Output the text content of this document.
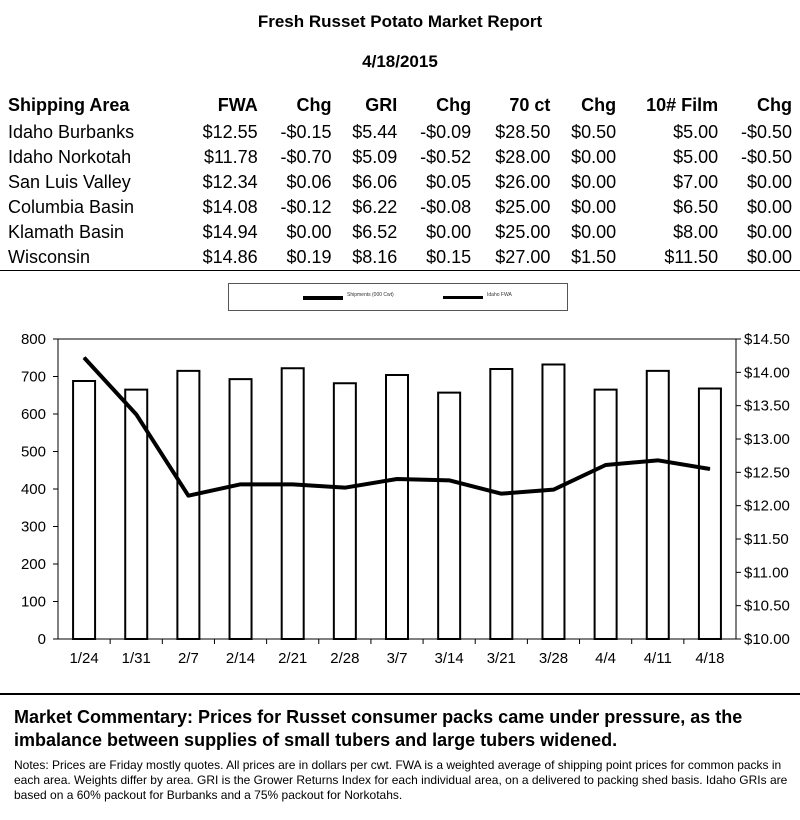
Fresh Russet Potato Market Report
4/18/2015
Shipping Area	FWA	Chg	GRI	Chg	70 ct	Chg	10# Film	Chg
Idaho Burbanks	$12.55	-$0.15	$5.44	-$0.09	$28.50	$0.50	$5.00	-$0.50
Idaho Norkotah	$11.78	-$0.70	$5.09	-$0.52	$28.00	$0.00	$5.00	-$0.50
San Luis Valley	$12.34	$0.06	$6.06	$0.05	$26.00	$0.00	$7.00	$0.00
Columbia Basin	$14.08	-$0.12	$6.22	-$0.08	$25.00	$0.00	$6.50	$0.00
Klamath Basin	$14.94	$0.00	$6.52	$0.00	$25.00	$0.00	$8.00	$0.00
Wisconsin	$14.86	$0.19	$8.16	$0.15	$27.00	$1.50	$11.50	$0.00
0
100
200
300
400
500
600
700
800
$10.00
$10.50
$11.00
$11.50
$12.00
$12.50
$13.00
$13.50
$14.00
$14.50
1/24 1/31 2/7 2/14 2/21 2/28 3/7 3/14 3/21 3/28 4/4 4/11 4/18
Shipments (000 Cwt)	Idaho FWA
Market Commentary: Prices for Russet consumer packs came under pressure, as the imbalance between supplies of small tubers and large tubers widened.
Notes: Prices are Friday mostly quotes. All prices are in dollars per cwt. FWA is a weighted average of shipping point prices for common packs in each area. Weights differ by area. GRI is the Grower Returns Index for each individual area, on a delivered to packing shed basis. Idaho GRIs are based on a 60% packout for Burbanks and a 75% packout for Norkotahs.
